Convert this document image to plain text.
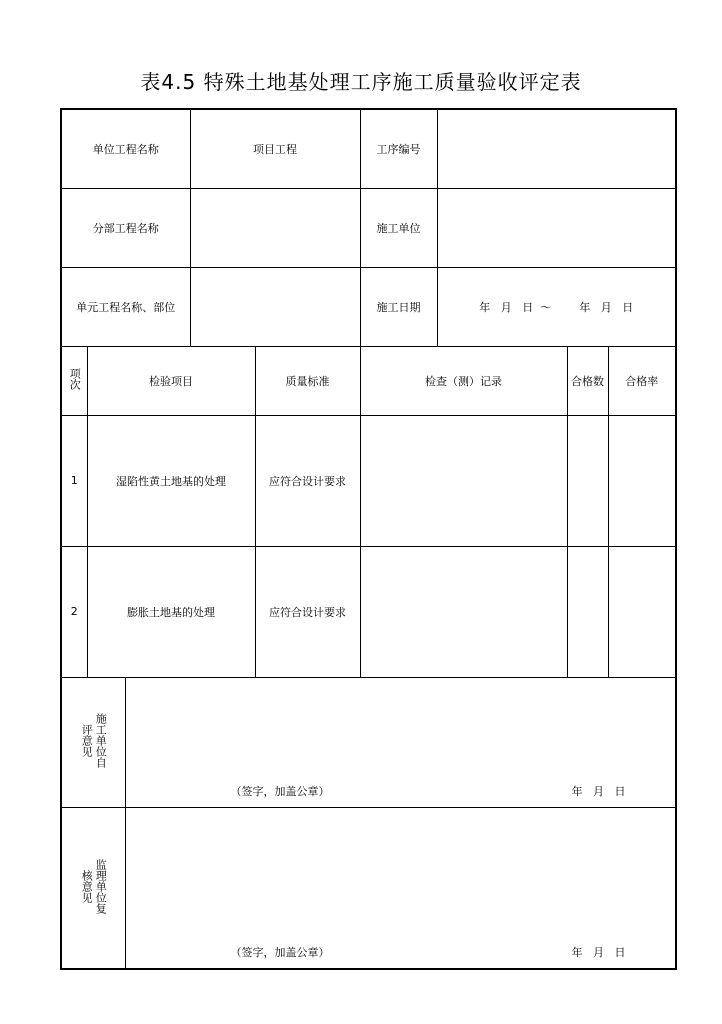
表4.5 特殊土地基处理工序施工质量验收评定表
单位工程名称			项目工程		工序编号			
分部工程名称					施工单位			
单元工程名称、部位					施工日期	年   月   日  ～        年   月   日		
项次	检验项目			质量标准	检查（测）记录		合格数	合格率
1	湿陷性黄土地基的处理			应符合设计要求				
2	膨胀土地基的处理			应符合设计要求				
施工单位自评意见		（签字，加盖公章） 年   月   日						

监理单位复核意见		（签字，加盖公章） 年   月   日						
